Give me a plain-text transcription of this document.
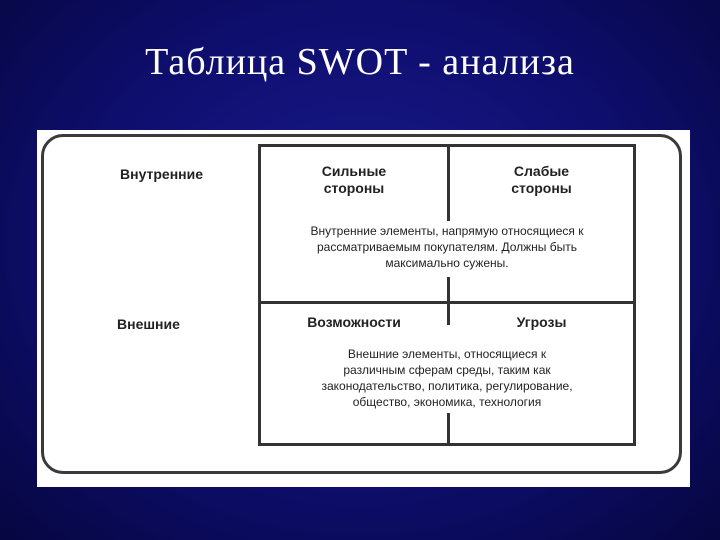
Таблица SWOT - анализа
Внутренние
Внешние
Сильные
стороны
Слабые
стороны
Внутренние элементы, напрямую относящиеся к
рассматриваемым покупателям. Должны быть
максимально сужены.
Возможности	Угрозы
Внешние элементы, относящиеся к
различным сферам среды, таким как
законодательство, политика, регулирование,
общество, экономика, технология
